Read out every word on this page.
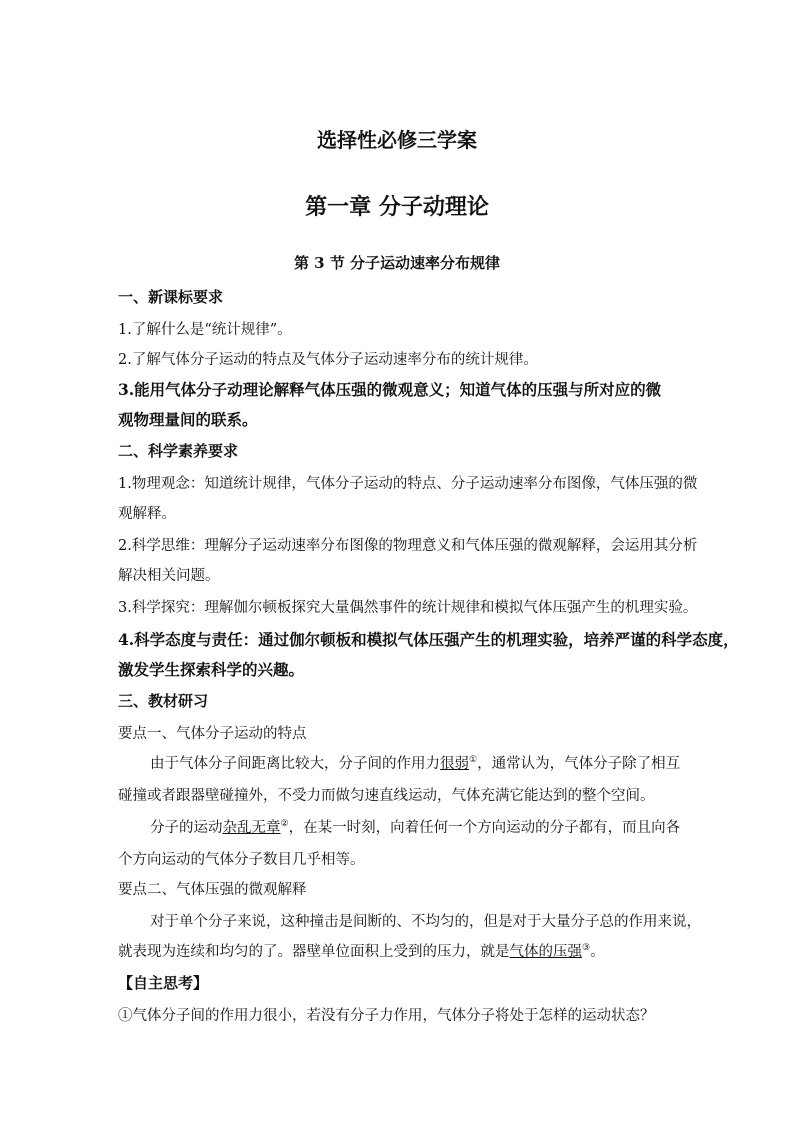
选择性必修三学案
第一章 分子动理论
第 3 节 分子运动速率分布规律
一、新课标要求
1.了解什么是“统计规律”。
2.了解气体分子运动的特点及气体分子运动速率分布的统计规律。
3.能用气体分子动理论解释气体压强的微观意义；知道气体的压强与所对应的微
观物理量间的联系。
二、科学素养要求
1.物理观念：知道统计规律，气体分子运动的特点、分子运动速率分布图像，气体压强的微
观解释。
2.科学思维：理解分子运动速率分布图像的物理意义和气体压强的微观解释，会运用其分析
解决相关问题。
3.科学探究：理解伽尔顿板探究大量偶然事件的统计规律和模拟气体压强产生的机理实验。
4.科学态度与责任：通过伽尔顿板和模拟气体压强产生的机理实验，培养严谨的科学态度，
激发学生探索科学的兴趣。
三、教材研习
要点一、气体分子运动的特点
由于气体分子间距离比较大，分子间的作用力很弱①，通常认为，气体分子除了相互
碰撞或者跟器壁碰撞外，不受力而做匀速直线运动，气体充满它能达到的整个空间。
分子的运动杂乱无章②，在某一时刻，向着任何一个方向运动的分子都有，而且向各
个方向运动的气体分子数目几乎相等。
要点二、气体压强的微观解释
对于单个分子来说，这种撞击是间断的、不均匀的，但是对于大量分子总的作用来说，
就表现为连续和均匀的了。器壁单位面积上受到的压力，就是气体的压强③。
【自主思考】
①气体分子间的作用力很小，若没有分子力作用，气体分子将处于怎样的运动状态？
